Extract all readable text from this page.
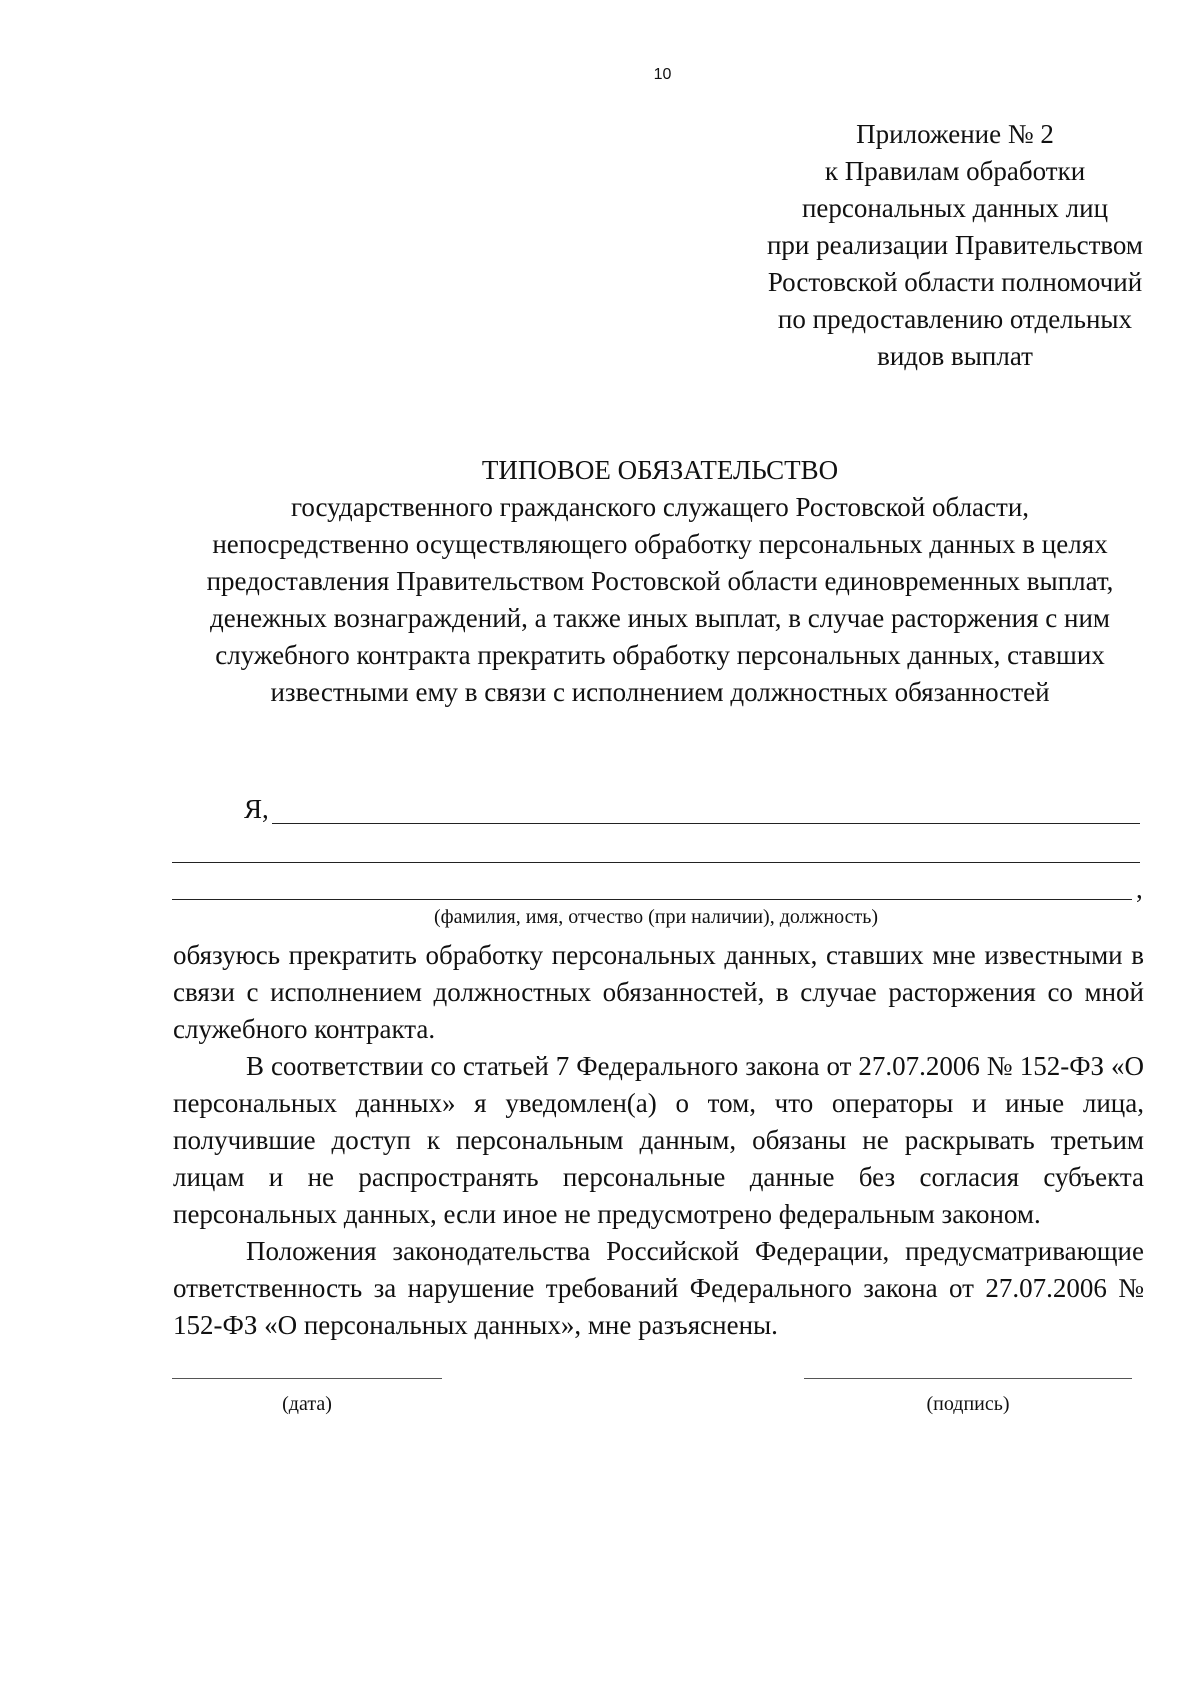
10
Приложение № 2
к Правилам обработки
персональных данных лиц
при реализации Правительством
Ростовской области полномочий
по предоставлению отдельных
видов выплат
ТИПОВОЕ ОБЯЗАТЕЛЬСТВО
государственного гражданского служащего Ростовской области,
непосредственно осуществляющего обработку персональных данных в целях
предоставления Правительством Ростовской области единовременных выплат,
денежных вознаграждений, а также иных выплат, в случае расторжения с ним
служебного контракта прекратить обработку персональных данных, ставших
известными ему в связи с исполнением должностных обязанностей
Я,
,
(фамилия, имя, отчество (при наличии), должность)

обязуюсь прекратить обработку персональных данных, ставших мне известными в связи с исполнением должностных обязанностей, в случае расторжения со мной служебного контракта.

В соответствии со статьей 7 Федерального закона от 27.07.2006 № 152-ФЗ «О персональных данных» я уведомлен(а) о том, что операторы и иные лица, получившие доступ к персональным данным, обязаны не раскрывать третьим лицам и не распространять персональные данные без согласия субъекта персональных данных, если иное не предусмотрено федеральным законом.

Положения законодательства Российской Федерации, предусматривающие ответственность за нарушение требований Федерального закона от 27.07.2006 № 152-ФЗ «О персональных данных», мне разъяснены.

(дата)	(подпись)
